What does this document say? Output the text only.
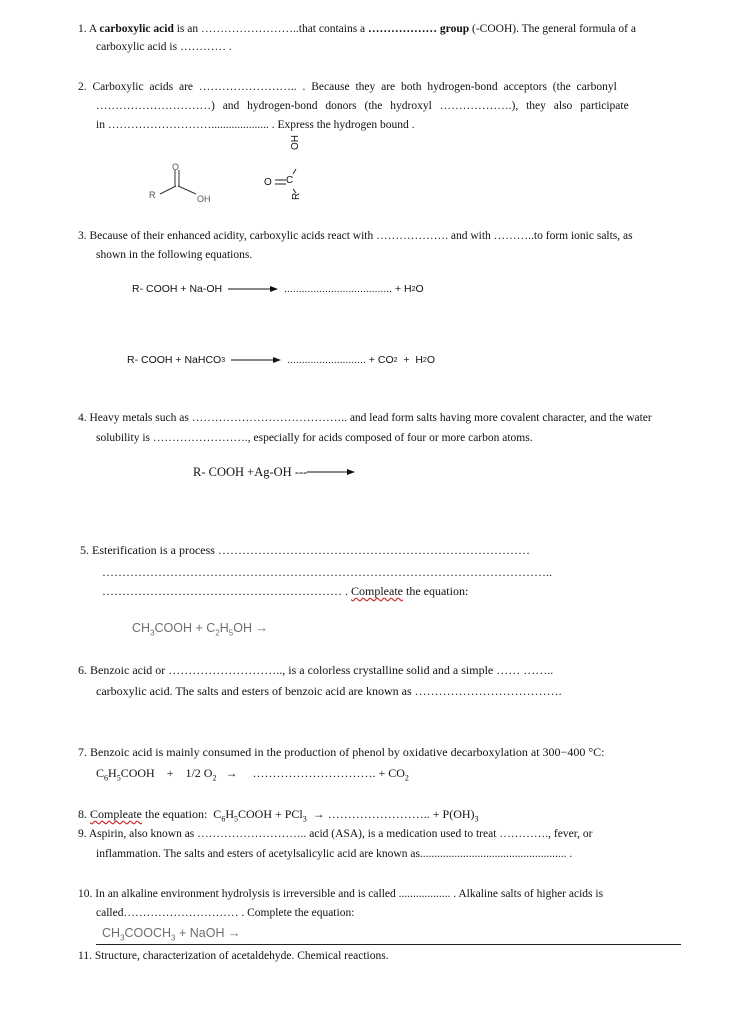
1. A carboxylic acid is an ……………………..that contains a ……………… group (-COOH). The general formula of a
carboxylic acid is ………… .
2. Carboxylic acids are …………………….. . Because they are both hydrogen-bond acceptors (the carbonyl
…………………………) and hydrogen-bond donors (the hydroxyl ……………….), they also participate
in ……………………….................... . Express the hydrogen bound .
R
O
OH
OH
O C
R
3. Because of their enhanced acidity, carboxylic acids react with ………………. and with ………..to form ionic salts, as
shown in the following equations.
R- COOH + Na-OH	..................................... + H 2 O
R- COOH + NaHCO 3	........................... + CO 2 +  H 2 O
4. Heavy metals such as ………………………………….. and lead form salts having more covalent character, and the water
solubility is ……………………., especially for acids composed of four or more carbon atoms.
R- COOH +Ag-OH ---
5. Esterification is a process ……………………………………………………………………
…………………………………………………………………………………………………..
…………………………………………………… . Compleate the equation:
$CH_3COOH + C_2H_5OH$ →
6. Benzoic acid or ……………………….., is a colorless crystalline solid and a simple …… ……..
carboxylic acid. The salts and esters of benzoic acid are known as ……………………………….
7. Benzoic acid is mainly consumed in the production of phenol by oxidative decarboxylation at 300−400 °C:
$C_6H_5COOH$    +    1/2 $O_2$   →     …………………………. + $CO_2$
8. Compleate the equation:  $C_6H_5COOH + PCl_3$  → …………………….. + $P(OH)_3$
9. Aspirin, also known as ……………………….. acid (ASA), is a medication used to treat …………., fever, or
inflammation. The salts and esters of acetylsalicylic acid are known as................................................... .
10. In an alkaline environment hydrolysis is irreversible and is called .................. . Alkaline salts of higher acids is
called………………………… . Complete the equation:
$CH_3COOCH_3$ + NaOH →
11. Structure, characterization of acetaldehyde. Chemical reactions.
